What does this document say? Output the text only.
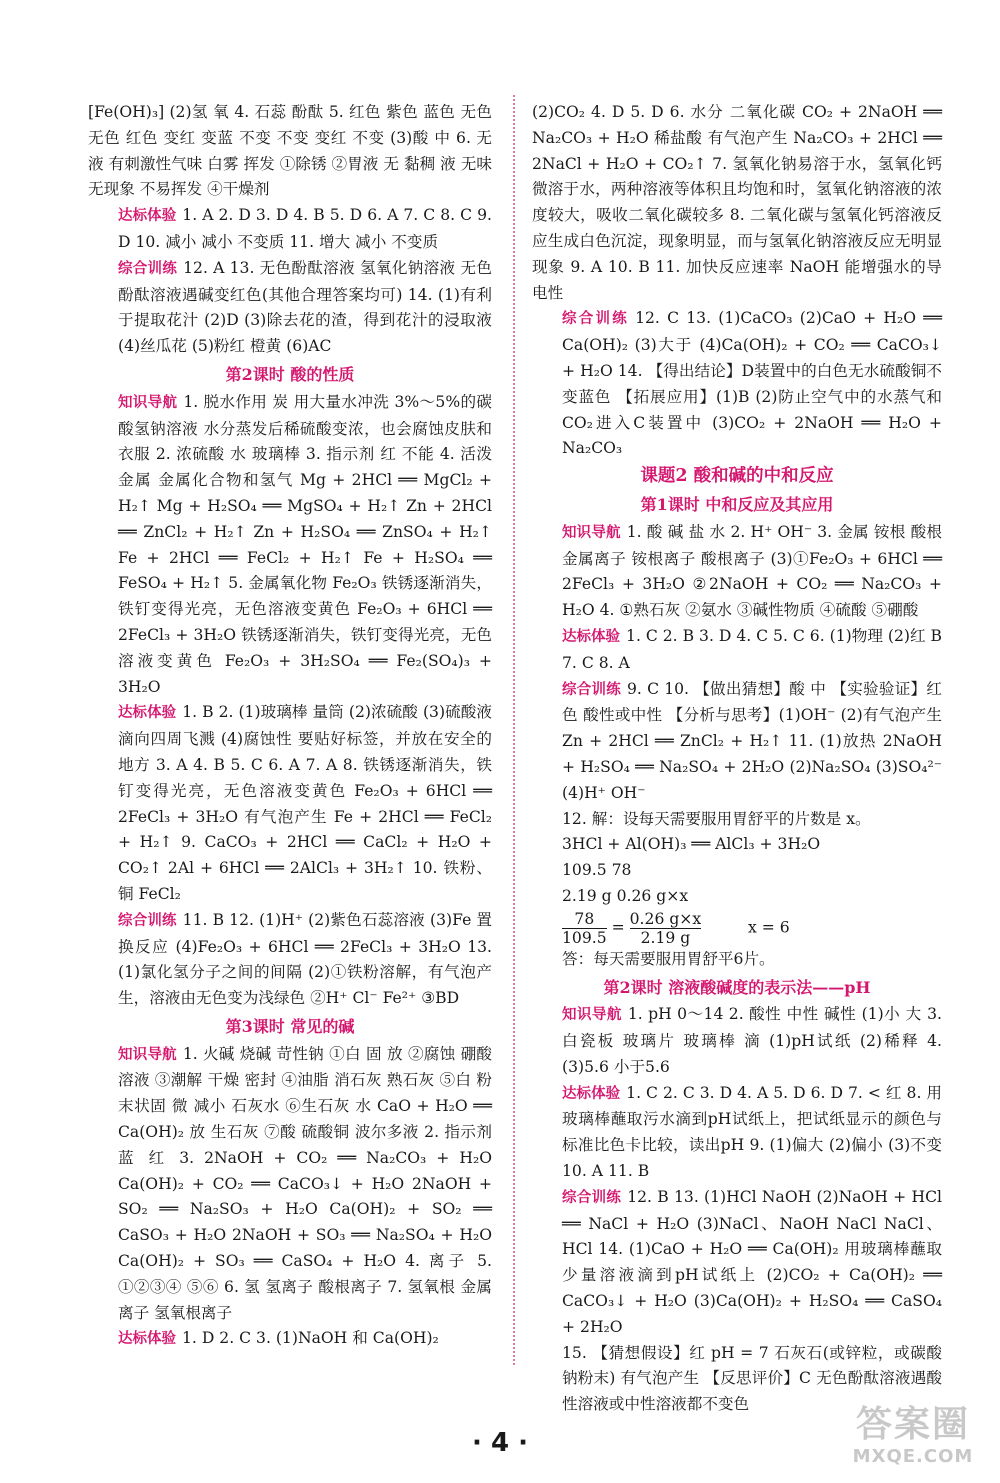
[Fe(OH)₃] (2)氢 氧 4. 石蕊 酚酞 5. 红色 紫色 蓝色 无色 无色 红色 变红 变蓝 不变 不变 变红 不变 (3)酸 中 6. 无 液 有刺激性气味 白雾 挥发 ①除锈 ②胃液 无 黏稠 液 无味 无现象 不易挥发 ④干燥剂

达标体验 1. A 2. D 3. D 4. B 5. D 6. A 7. C 8. C 9. D 10. 减小 减小 不变质 11. 增大 减小 不变质

综合训练 12. A 13. 无色酚酞溶液 氢氧化钠溶液 无色酚酞溶液遇碱变红色(其他合理答案均可) 14. (1)有利于提取花汁 (2)D (3)除去花的渣，得到花汁的浸取液 (4)丝瓜花 (5)粉红 橙黄 (6)AC

第2课时 酸的性质

知识导航 1. 脱水作用 炭 用大量水冲洗 3%～5%的碳酸氢钠溶液 水分蒸发后稀硫酸变浓，也会腐蚀皮肤和衣服 2. 浓硫酸 水 玻璃棒 3. 指示剂 红 不能 4. 活泼金属 金属化合物和氢气 Mg + 2HCl ══ MgCl₂ + H₂↑ Mg + H₂SO₄ ══ MgSO₄ + H₂↑ Zn + 2HCl ══ ZnCl₂ + H₂↑ Zn + H₂SO₄ ══ ZnSO₄ + H₂↑ Fe + 2HCl ══ FeCl₂ + H₂↑ Fe + H₂SO₄ ══ FeSO₄ + H₂↑ 5. 金属氧化物 Fe₂O₃ 铁锈逐渐消失，铁钉变得光亮，无色溶液变黄色 Fe₂O₃ + 6HCl ══ 2FeCl₃ + 3H₂O 铁锈逐渐消失，铁钉变得光亮，无色溶液变黄色 Fe₂O₃ + 3H₂SO₄ ══ Fe₂(SO₄)₃ + 3H₂O

达标体验 1. B 2. (1)玻璃棒 量筒 (2)浓硫酸 (3)硫酸液滴向四周飞溅 (4)腐蚀性 要贴好标签，并放在安全的地方 3. A 4. B 5. C 6. A 7. A 8. 铁锈逐渐消失，铁钉变得光亮，无色溶液变黄色 Fe₂O₃ + 6HCl ══ 2FeCl₃ + 3H₂O 有气泡产生 Fe + 2HCl ══ FeCl₂ + H₂↑ 9. CaCO₃ + 2HCl ══ CaCl₂ + H₂O + CO₂↑ 2Al + 6HCl ══ 2AlCl₃ + 3H₂↑ 10. 铁粉、铜 FeCl₂

综合训练 11. B 12. (1)H⁺ (2)紫色石蕊溶液 (3)Fe 置换反应 (4)Fe₂O₃ + 6HCl ══ 2FeCl₃ + 3H₂O 13. (1)氯化氢分子之间的间隔 (2)①铁粉溶解，有气泡产生，溶液由无色变为浅绿色 ②H⁺ Cl⁻ Fe²⁺ ③BD

第3课时 常见的碱

知识导航 1. 火碱 烧碱 苛性钠 ①白 固 放 ②腐蚀 硼酸溶液 ③潮解 干燥 密封 ④油脂 消石灰 熟石灰 ⑤白 粉末状固 微 减小 石灰水 ⑥生石灰 水 CaO + H₂O ══ Ca(OH)₂ 放 生石灰 ⑦酸 硫酸铜 波尔多液 2. 指示剂 蓝 红 3. 2NaOH + CO₂ ══ Na₂CO₃ + H₂O Ca(OH)₂ + CO₂ ══ CaCO₃↓ + H₂O 2NaOH + SO₂ ══ Na₂SO₃ + H₂O Ca(OH)₂ + SO₂ ══ CaSO₃ + H₂O 2NaOH + SO₃ ══ Na₂SO₄ + H₂O Ca(OH)₂ + SO₃ ══ CaSO₄ + H₂O 4. 离子 5. ①②③④ ⑤⑥ 6. 氢 氢离子 酸根离子 7. 氢氧根 金属离子 氢氧根离子

达标体验 1. D 2. C 3. (1)NaOH 和 Ca(OH)₂

(2)CO₂ 4. D 5. D 6. 水分 二氧化碳 CO₂ + 2NaOH ══ Na₂CO₃ + H₂O 稀盐酸 有气泡产生 Na₂CO₃ + 2HCl ══ 2NaCl + H₂O + CO₂↑ 7. 氢氧化钠易溶于水，氢氧化钙微溶于水，两种溶液等体积且均饱和时，氢氧化钠溶液的浓度较大，吸收二氧化碳较多 8. 二氧化碳与氢氧化钙溶液反应生成白色沉淀，现象明显，而与氢氧化钠溶液反应无明显现象 9. A 10. B 11. 加快反应速率 NaOH 能增强水的导电性

综合训练 12. C 13. (1)CaCO₃ (2)CaO + H₂O ══ Ca(OH)₂ (3)大于 (4)Ca(OH)₂ + CO₂ ══ CaCO₃↓ + H₂O 14. 【得出结论】D装置中的白色无水硫酸铜不变蓝色 【拓展应用】(1)B (2)防止空气中的水蒸气和CO₂进入C装置中 (3)CO₂ + 2NaOH ══ H₂O + Na₂CO₃

课题2 酸和碱的中和反应
第1课时 中和反应及其应用

知识导航 1. 酸 碱 盐 水 2. H⁺ OH⁻ 3. 金属 铵根 酸根 金属离子 铵根离子 酸根离子 (3)①Fe₂O₃ + 6HCl ══ 2FeCl₃ + 3H₂O ②2NaOH + CO₂ ══ Na₂CO₃ + H₂O 4. ①熟石灰 ②氨水 ③碱性物质 ④硫酸 ⑤硼酸

达标体验 1. C 2. B 3. D 4. C 5. C 6. (1)物理 (2)红 B 7. C 8. A

综合训练 9. C 10. 【做出猜想】酸 中 【实验验证】红色 酸性或中性 【分析与思考】(1)OH⁻ (2)有气泡产生 Zn + 2HCl ══ ZnCl₂ + H₂↑ 11. (1)放热 2NaOH + H₂SO₄ ══ Na₂SO₄ + 2H₂O (2)Na₂SO₄ (3)SO₄²⁻ (4)H⁺ OH⁻

12. 解：设每天需要服用胃舒平的片数是 x。

3HCl + Al(OH)₃ ══ AlCl₃ + 3H₂O

109.5 78

2.19 g 0.26 g×x

$\frac{78}{109.5} = \frac{0.26 g\times x}{2.19 g}$
   	x = 6

答：每天需要服用胃舒平6片。

第2课时 溶液酸碱度的表示法——pH

知识导航 1. pH 0～14 2. 酸性 中性 碱性 (1)小 大 3. 白瓷板 玻璃片 玻璃棒 滴 (1)pH试纸 (2)稀释 4. (3)5.6 小于5.6

达标体验 1. C 2. C 3. D 4. A 5. D 6. D 7. < 红 8. 用玻璃棒蘸取污水滴到pH试纸上，把试纸显示的颜色与标准比色卡比较，读出pH 9. (1)偏大 (2)偏小 (3)不变 10. A 11. B

综合训练 12. B 13. (1)HCl NaOH (2)NaOH + HCl ══ NaCl + H₂O (3)NaCl、NaOH NaCl NaCl、HCl 14. (1)CaO + H₂O ══ Ca(OH)₂ 用玻璃棒蘸取少量溶液滴到pH试纸上 (2)CO₂ + Ca(OH)₂ ══ CaCO₃↓ + H₂O (3)Ca(OH)₂ + H₂SO₄ ══ CaSO₄ + 2H₂O

15. 【猜想假设】红 pH = 7 石灰石(或锌粒，或碳酸钠粉末) 有气泡产生 【反思评价】C 无色酚酞溶液遇酸性溶液或中性溶液都不变色

· 4 ·	答案圈
MXQE.COM
